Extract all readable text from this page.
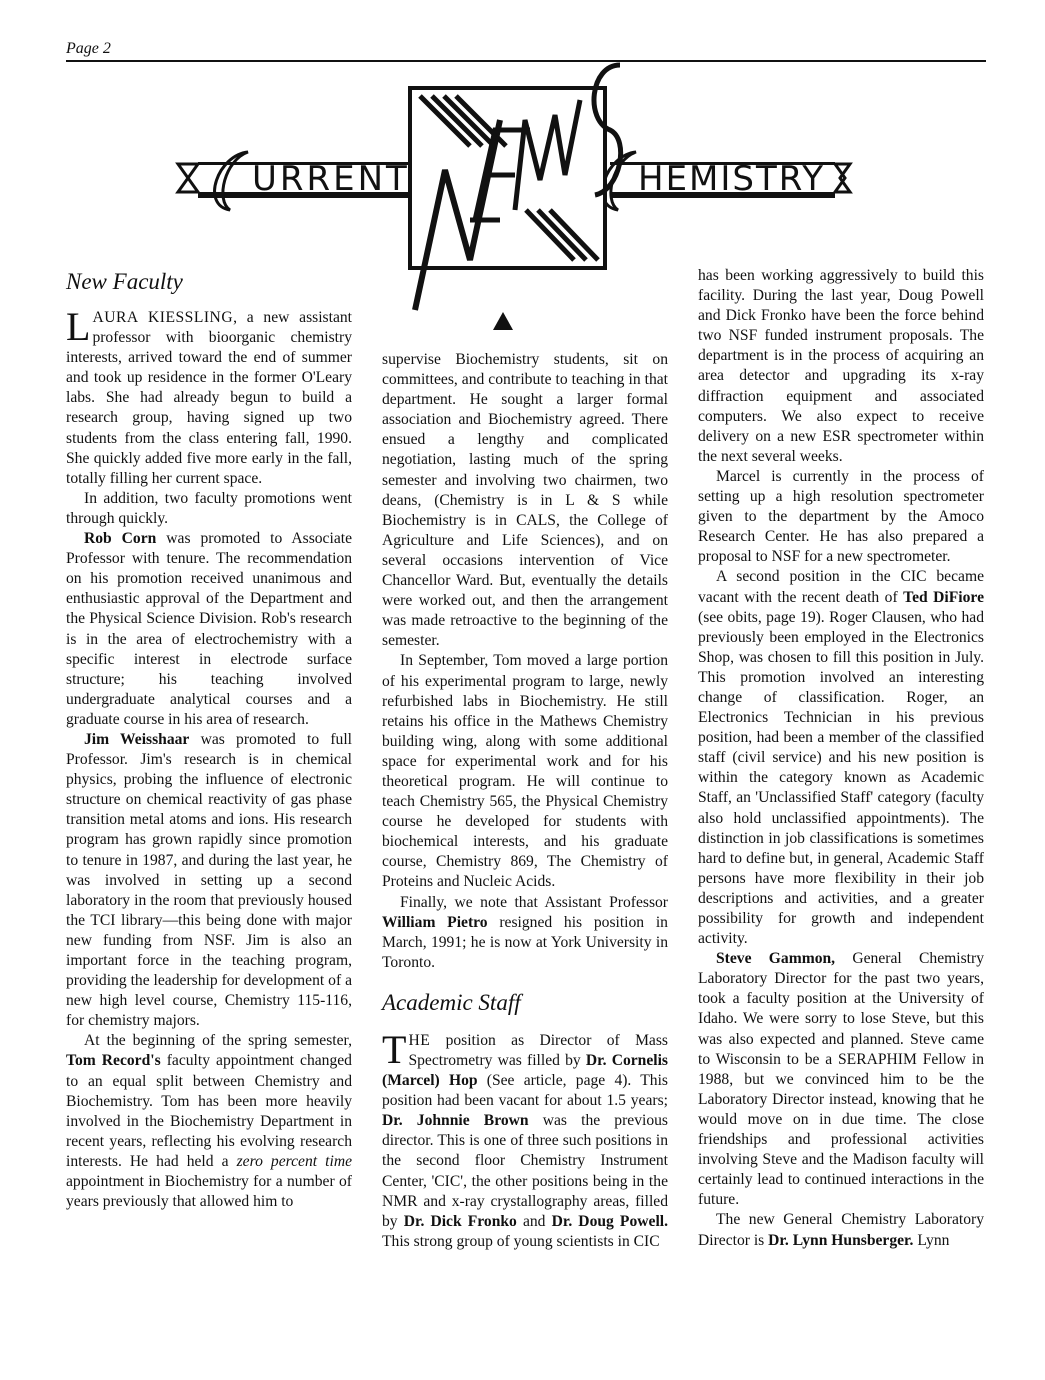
Page 2
URRENT	HEMISTRY
New Faculty

LAURA KIESSLING, a new assistant professor with bioorganic chemistry interests, arrived toward the end of summer and took up residence in the former O'Leary labs. She had already begun to build a research group, having signed up two students from the class entering fall, 1990. She quickly added five more early in the fall, totally filling her current space.

In addition, two faculty promotions went through quickly.

Rob Corn was promoted to Associate Professor with tenure. The recommendation on his promotion received unanimous and enthusiastic approval of the Department and the Physical Science Division. Rob's research is in the area of electrochemistry with a specific interest in electrode surface structure; his teaching involved undergraduate analytical courses and a graduate course in his area of research.

Jim Weisshaar was promoted to full Professor. Jim's research is in chemical physics, probing the influence of electronic structure on chemical reactivity of gas phase transition metal atoms and ions. His research program has grown rapidly since promotion to tenure in 1987, and during the last year, he was involved in setting up a second laboratory in the room that previously housed the TCI library—this being done with major new funding from NSF. Jim is also an important force in the teaching program, providing the leadership for development of a new high level course, Chemistry 115-116, for chemistry majors.

At the beginning of the spring semester, Tom Record's faculty appointment changed to an equal split between Chemistry and Biochemistry. Tom has been more heavily involved in the Biochemistry Department in recent years, reflecting his evolving research interests. He had held a zero percent time appointment in Biochemistry for a number of years previously that allowed him to

supervise Biochemistry students, sit on committees, and contribute to teaching in that department. He sought a larger formal association and Biochemistry agreed. There ensued a lengthy and complicated negotiation, lasting much of the spring semester and involving two chairmen, two deans, (Chemistry is in L & S while Biochemistry is in CALS, the College of Agriculture and Life Sciences), and on several occasions intervention of Vice Chancellor Ward. But, eventually the details were worked out, and then the arrangement was made retroactive to the beginning of the semester.

In September, Tom moved a large portion of his experimental program to large, newly refurbished labs in Biochemistry. He still retains his office in the Mathews Chemistry building wing, along with some additional space for experimental work and for his theoretical program. He will continue to teach Chemistry 565, the Physical Chemistry course he developed for students with biochemical interests, and his graduate course, Chemistry 869, The Chemistry of Proteins and Nucleic Acids.

Finally, we note that Assistant Professor William Pietro resigned his position in March, 1991; he is now at York University in Toronto.

Academic Staff

THE position as Director of Mass Spectrometry was filled by Dr. Cornelis (Marcel) Hop (See article, page 4). This position had been vacant for about 1.5 years; Dr. Johnnie Brown was the previous director. This is one of three such positions in the second floor Chemistry Instrument Center, 'CIC', the other positions being in the NMR and x-ray crystallography areas, filled by Dr. Dick Fronko and Dr. Doug Powell. This strong group of young scientists in CIC

has been working aggressively to build this facility. During the last year, Doug Powell and Dick Fronko have been the force behind two NSF funded instrument proposals. The department is in the process of acquiring an area detector and upgrading its x-ray diffraction equipment and associated computers. We also expect to receive delivery on a new ESR spectrometer within the next several weeks.

Marcel is currently in the process of setting up a high resolution spectrometer given to the department by the Amoco Research Center. He has also prepared a proposal to NSF for a new spectrometer.

A second position in the CIC became vacant with the recent death of Ted DiFiore (see obits, page 19). Roger Clausen, who had previously been employed in the Electronics Shop, was chosen to fill this position in July. This promotion involved an interesting change of classification. Roger, an Electronics Technician in his previous position, had been a member of the classified staff (civil service) and his new position is within the category known as Academic Staff, an 'Unclassified Staff' category (faculty also hold unclassified appointments). The distinction in job classifications is sometimes hard to define but, in general, Academic Staff persons have more flexibility in their job descriptions and activities, and a greater possibility for growth and independent activity.

Steve Gammon, General Chemistry Laboratory Director for the past two years, took a faculty position at the University of Idaho. We were sorry to lose Steve, but this was also expected and planned. Steve came to Wisconsin to be a SERAPHIM Fellow in 1988, but we convinced him to be the Laboratory Director instead, knowing that he would move on in due time. The close friendships and professional activities involving Steve and the Madison faculty will certainly lead to continued interactions in the future.

The new General Chemistry Laboratory Director is Dr. Lynn Hunsberger. Lynn
